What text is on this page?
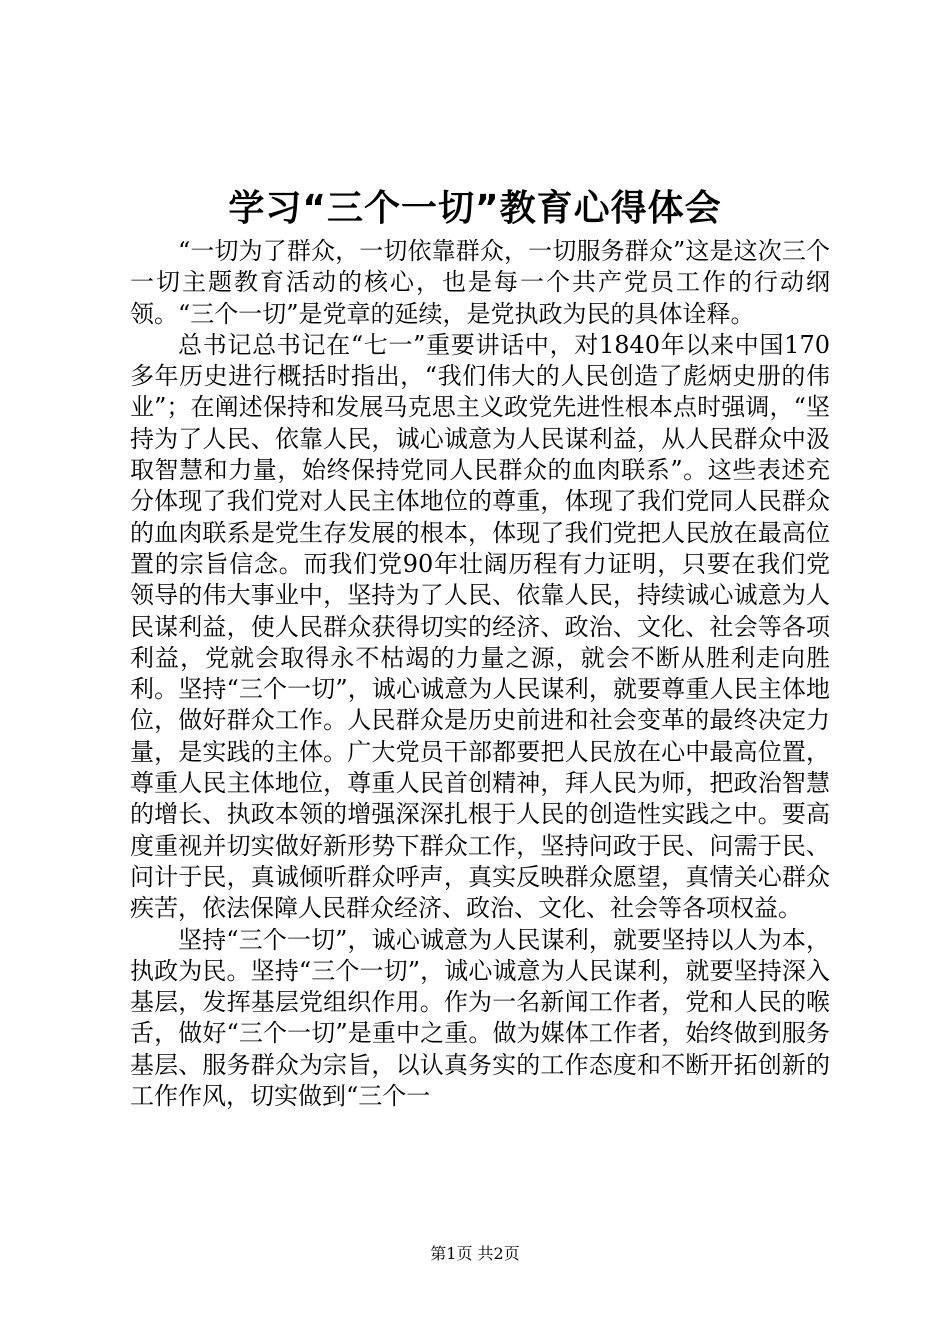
学习“三个一切”教育心得体会

“一切为了群众，一切依靠群众，一切服务群众”这是这次三个一切主题教育活动的核心，也是每一个共产党员工作的行动纲领。“三个一切”是党章的延续，是党执政为民的具体诠释。

总书记总书记在“七一”重要讲话中，对1840年以来中国170多年历史进行概括时指出，“我们伟大的人民创造了彪炳史册的伟业”；在阐述保持和发展马克思主义政党先进性根本点时强调，“坚持为了人民、依靠人民，诚心诚意为人民谋利益，从人民群众中汲取智慧和力量，始终保持党同人民群众的血肉联系”。这些表述充分体现了我们党对人民主体地位的尊重，体现了我们党同人民群众的血肉联系是党生存发展的根本，体现了我们党把人民放在最高位置的宗旨信念。而我们党90年壮阔历程有力证明，只要在我们党领导的伟大事业中，坚持为了人民、依靠人民，持续诚心诚意为人民谋利益，使人民群众获得切实的经济、政治、文化、社会等各项利益，党就会取得永不枯竭的力量之源，就会不断从胜利走向胜利。坚持“三个一切”，诚心诚意为人民谋利，就要尊重人民主体地位，做好群众工作。人民群众是历史前进和社会变革的最终决定力量，是实践的主体。广大党员干部都要把人民放在心中最高位置，尊重人民主体地位，尊重人民首创精神，拜人民为师，把政治智慧的增长、执政本领的增强深深扎根于人民的创造性实践之中。要高度重视并切实做好新形势下群众工作，坚持问政于民、问需于民、问计于民，真诚倾听群众呼声，真实反映群众愿望，真情关心群众疾苦，依法保障人民群众经济、政治、文化、社会等各项权益。

坚持“三个一切”，诚心诚意为人民谋利，就要坚持以人为本，执政为民。坚持“三个一切”，诚心诚意为人民谋利，就要坚持深入基层，发挥基层党组织作用。作为一名新闻工作者，党和人民的喉舌，做好“三个一切”是重中之重。做为媒体工作者，始终做到服务基层、服务群众为宗旨，以认真务实的工作态度和不断开拓创新的工作作风，切实做到“三个一

第1页 共2页
